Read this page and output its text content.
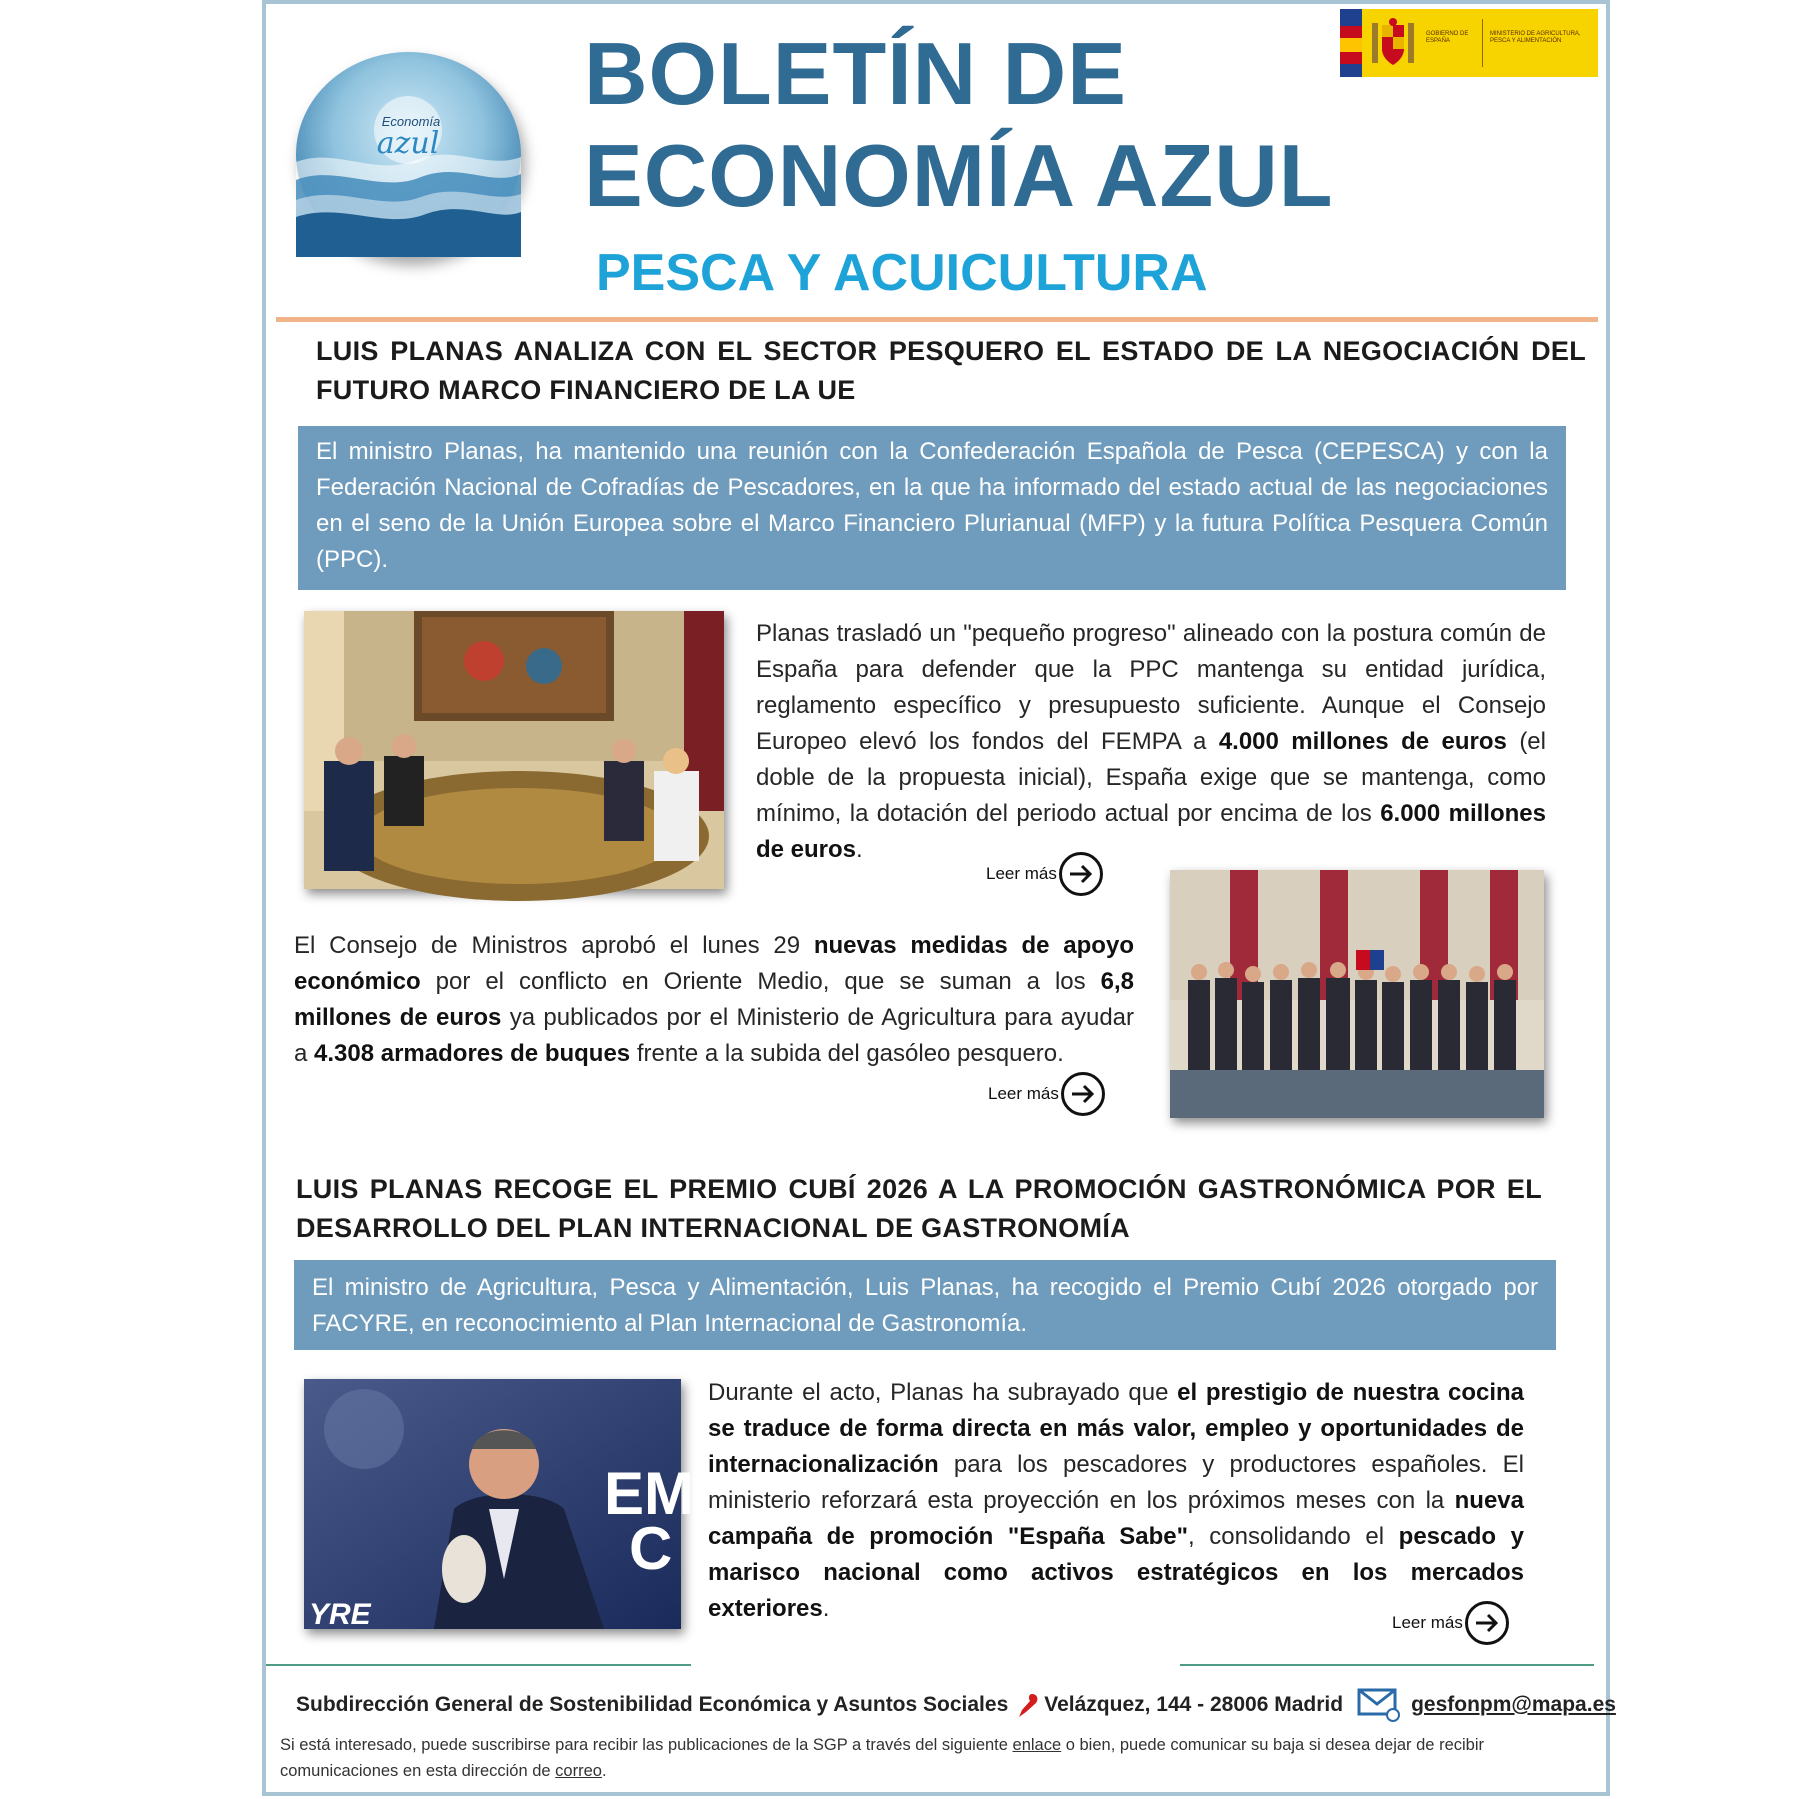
Economía
azul
BOLETÍN DE
ECONOMÍA AZUL
PESCA Y ACUICULTURA
GOBIERNO DE ESPAÑA
MINISTERIO DE AGRICULTURA, PESCA Y ALIMENTACIÓN
LUIS PLANAS ANALIZA CON EL SECTOR PESQUERO EL ESTADO DE LA NEGOCIACIÓN DEL FUTURO MARCO FINANCIERO DE LA UE
El ministro Planas, ha mantenido una reunión con la Confederación Española de Pesca (CEPESCA) y con la Federación Nacional de Cofradías de Pescadores, en la que ha informado del estado actual de las negociaciones en el seno de la Unión Europea sobre el Marco Financiero Plurianual (MFP) y la futura Política Pesquera Común (PPC).
Planas trasladó un "pequeño progreso" alineado con la postura común de España para defender que la PPC mantenga su entidad jurídica, reglamento específico y presupuesto suficiente. Aunque el Consejo Europeo elevó los fondos del FEMPA a 4.000 millones de euros (el doble de la propuesta inicial), España exige que se mantenga, como mínimo, la dotación del periodo actual por encima de los 6.000 millones de euros.
Leer más
El Consejo de Ministros aprobó el lunes 29 nuevas medidas de apoyo económico por el conflicto en Oriente Medio, que se suman a los 6,8 millones de euros ya publicados por el Ministerio de Agricultura para ayudar a 4.308 armadores de buques frente a la subida del gasóleo pesquero.
Leer más
LUIS PLANAS RECOGE EL PREMIO CUBÍ 2026 A LA PROMOCIÓN GASTRONÓMICA POR EL DESARROLLO DEL PLAN INTERNACIONAL DE GASTRONOMÍA
El ministro de Agricultura, Pesca y Alimentación, Luis Planas, ha recogido el Premio Cubí 2026 otorgado por FACYRE, en reconocimiento al Plan Internacional de Gastronomía.
EM
C
YRE
Durante el acto, Planas ha subrayado que el prestigio de nuestra cocina se traduce de forma directa en más valor, empleo y oportunidades de internacionalización para los pescadores y productores españoles. El ministerio reforzará esta proyección en los próximos meses con la nueva campaña de promoción "España Sabe", consolidando el pescado y marisco nacional como activos estratégicos en los mercados exteriores.
Leer más
Subdirección General de Sostenibilidad Económica y Asuntos Sociales Velázquez, 144 - 28006 Madrid	gesfonpm@mapa.es
Si está interesado, puede suscribirse para recibir las publicaciones de la SGP a través del siguiente enlace o bien, puede comunicar su baja si desea dejar de recibir comunicaciones en esta dirección de correo.
